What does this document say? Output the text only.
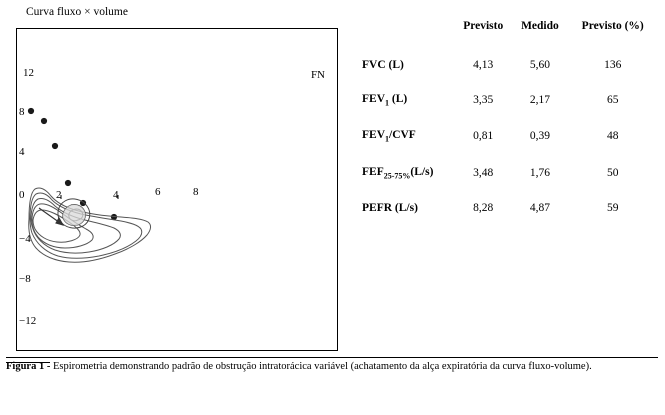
Curva fluxo × volume
12
8
4
0
−4
−8
−12
2	4	6	8
FN
	Previsto	Medido	Previsto (%)
FVC (L)	4,13	5,60	136
$FEV_1$ (L)	3,35	2,17	65
$FEV_1$/CVF	0,81	0,39	48
$FEF_{25-75\%}(L/s)$	3,48	1,76	50
PEFR (L/s)	8,28	4,87	59
Figura 1 - Espirometria demonstrando padrão de obstrução intratorácica variável (achatamento da alça expiratória da curva fluxo-volume).
